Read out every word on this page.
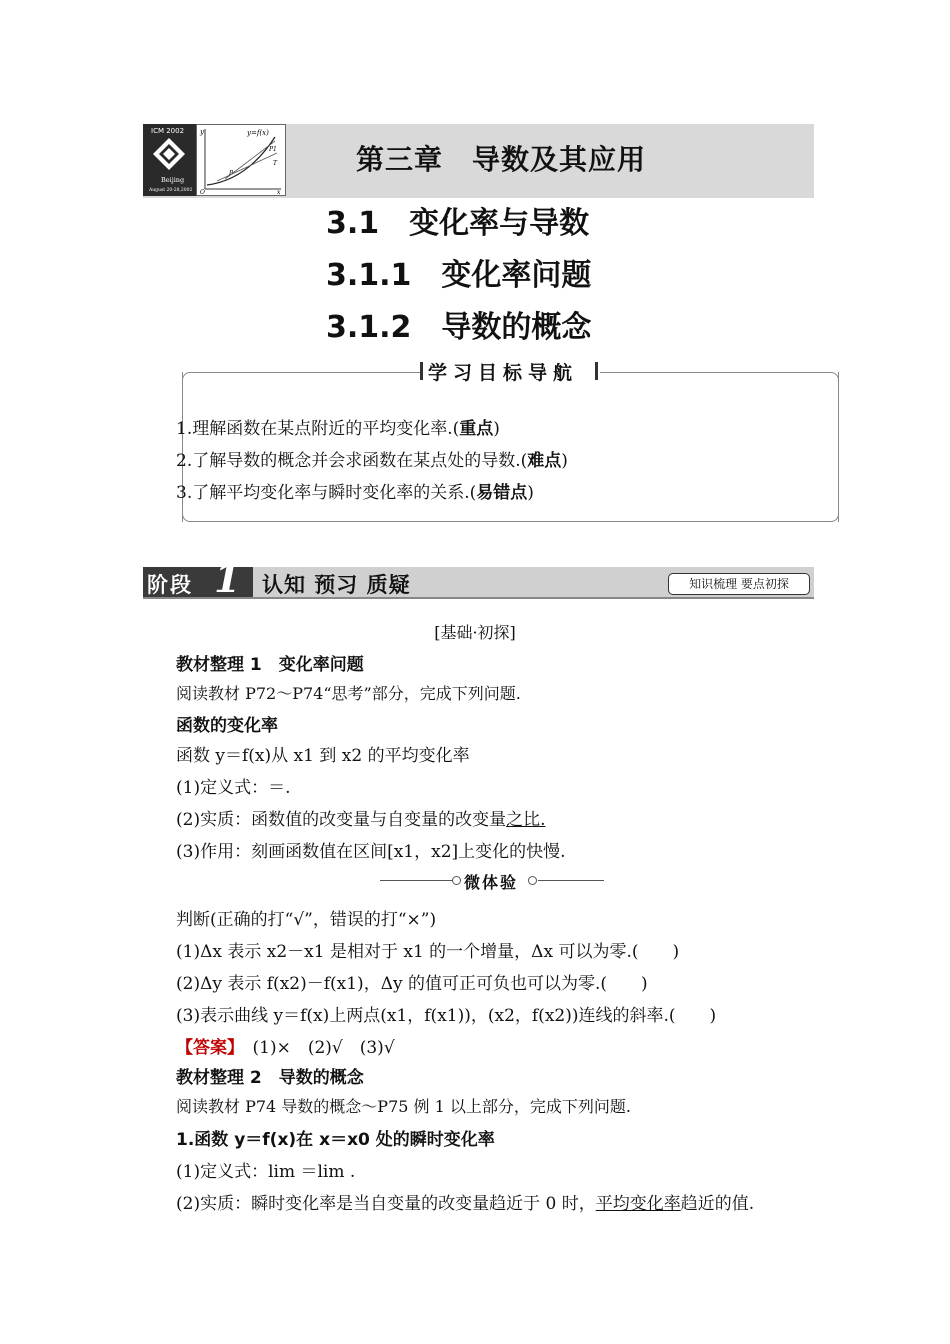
ICM 2002
Beijing
August 20-28,2002
y	y=f(x)
P1
T
P
O	x
第三章　导数及其应用
3.1　变化率与导数
3.1.1　变化率问题
3.1.2　导数的概念
学习目标导航
1.理解函数在某点附近的平均变化率.(重点)
2.了解导数的概念并会求函数在某点处的导数.(难点)
3.了解平均变化率与瞬时变化率的关系.(易错点)
阶段 1 认知 预习 质疑	知识梳理 要点初探
[基础·初探]
教材整理 1　变化率问题
阅读教材 P72～P74“思考”部分，完成下列问题.
函数的变化率
函数 y＝f(x)从 x1 到 x2 的平均变化率
(1)定义式：＝.
(2)实质：函数值的改变量与自变量的改变量之比.
(3)作用：刻画函数值在区间[x1，x2]上变化的快慢.
微体验
判断(正确的打“√”，错误的打“×”)
(1)Δx 表示 x2－x1 是相对于 x1 的一个增量，Δx 可以为零.(　　)
(2)Δy 表示 f(x2)－f(x1)，Δy 的值可正可负也可以为零.(　　)
(3)表示曲线 y＝f(x)上两点(x1，f(x1))，(x2，f(x2))连线的斜率.(　　)
【答案】　 (1)×　(2)√　(3)√
教材整理 2　导数的概念
阅读教材 P74 导数的概念～P75 例 1 以上部分，完成下列问题.
1.函数 y＝f(x)在 x＝x0 处的瞬时变化率
(1)定义式：lim ＝lim .
(2)实质：瞬时变化率是当自变量的改变量趋近于 0 时，平均变化率趋近的值.
